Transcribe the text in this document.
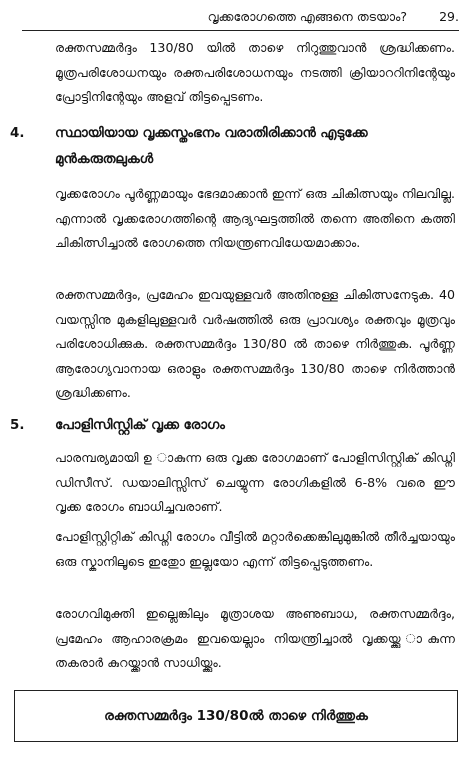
വൃക്കരോഗത്തെ എങ്ങനെ തടയാം?	29.

രക്തസമ്മർദ്ദം 130/80 യിൽ താഴെ നിറുത്തുവാൻ ശ്രദ്ധിക്കണം. മൂത്രപരിശോധനയും രക്തപരിശോധനയും നടത്തി ക്രിയാററിനിന്റേയും പ്രോട്ടിനിന്റേയും അളവ് തിട്ടപ്പെടണം.

4. സ്ഥായിയായ വൃക്കസ്തംഭനം വരാതിരിക്കാൻ എടുക്കേ മുൻകരുതലുകൾ

വൃക്കരോഗം പൂർണ്ണമായും ഭേദമാക്കാൻ ഇന്ന് ഒരു ചികിത്സയും നിലവില്ല. എന്നാൽ വൃക്കരോഗത്തിന്റെ ആദ്യഘട്ടത്തിൽ തന്നെ അതിനെ കത്തി ചികിത്സിച്ചാൽ രോഗത്തെ നിയന്ത്രണവിധേയമാക്കാം.

രക്തസമ്മർദ്ദം, പ്രമേഹം ഇവയുള്ളവർ അതിനുള്ള ചികിത്സനേടുക. 40 വയസ്സിനു മുകളിലുള്ളവർ വർഷത്തിൽ ഒരു പ്രാവശ്യം രക്തവും മൂത്രവും പരിശോധിക്കുക. രക്തസമ്മർദ്ദം 130/80 ൽ താഴെ നിർത്തുക. പൂർണ്ണ ആരോഗ്യവാനായ ഒരാളും രക്തസമ്മർദ്ദം 130/80 താഴെ നിർത്താൻ ശ്രദ്ധിക്കണം.

5. പോളിസിസ്റ്റിക് വൃക്ക രോഗം

പാരമ്പര്യമായി ഉ ാകുന്ന ഒരു വൃക്ക രോഗമാണ് പോളിസിസ്റ്റിക് കിഡ്നി ഡിസീസ്. ഡയാലിസ്സിസ് ചെയ്യുന്ന രോഗികളിൽ 6-8% വരെ ഈ വൃക്ക രോഗം ബാധിച്ചവരാണ്.

പോളിസ്റ്റിറ്റിക് കിഡ്നി രോഗം വീട്ടിൽ മറ്റാർക്കെങ്കിലുമുങ്കിൽ തീർച്ചയായും ഒരു സ്കാനിലൂടെ ഇതുാേ ഇല്ലയോ എന്ന് തിട്ടപ്പെടുത്തണം.

രോഗവിമുക്തി ഇല്ലെങ്കിലും മൂത്രാശയ അണുബാധ, രക്തസമ്മർദ്ദം, പ്രമേഹം ആഹാരക്രമം ഇവയെല്ലാം നിയന്ത്രിച്ചാൽ വൃക്കയ്ക്കു ാകുന്ന തകരാർ കുറയ്ക്കാൻ സാധിയ്ക്കും.

രക്തസമ്മർദ്ദം 130/80ൽ താഴെ നിർത്തുക
